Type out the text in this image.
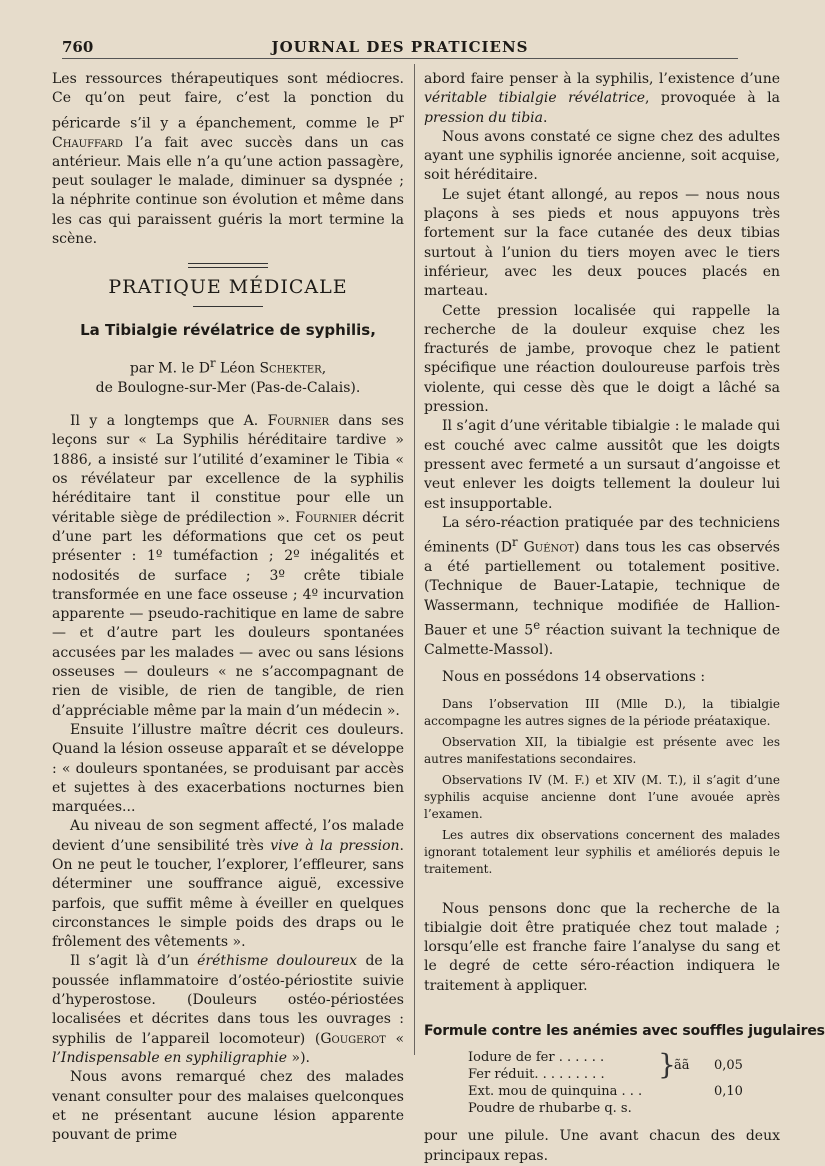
760	JOURNAL DES PRATICIENS

Les ressources thérapeutiques sont médiocres. Ce qu’on peut faire, c’est la ponction du péricarde s’il y a épanchement, comme le $P^r$ Chauffard l’a fait avec succès dans un cas antérieur. Mais elle n’a qu’une action passagère, peut soulager le malade, diminuer sa dyspnée ; la néphrite continue son évolution et même dans les cas qui paraissent guéris la mort termine la scène.

PRATIQUE MÉDICALE
La Tibialgie révélatrice de syphilis,

par M. le $D^r$ Léon Schekter,

de Boulogne-sur-Mer (Pas-de-Calais).

Il y a longtemps que A. Fournier dans ses leçons sur « La Syphilis héréditaire tardive » 1886, a insisté sur l’utilité d’examiner le Tibia « os révélateur par excellence de la syphilis héréditaire tant il constitue pour elle un véritable siège de prédilection ». Fournier décrit d’une part les déformations que cet os peut présenter : 1º tuméfaction ; 2º inégalités et nodosités de surface ; 3º crête tibiale transformée en une face osseuse ; 4º incurvation apparente — pseudo-rachitique en lame de sabre — et d’autre part les douleurs spontanées accusées par les malades — avec ou sans lésions osseuses — douleurs « ne s’accompagnant de rien de visible, de rien de tangible, de rien d’appréciable même par la main d’un médecin ».

Ensuite l’illustre maître décrit ces douleurs. Quand la lésion osseuse apparaît et se développe : « douleurs spontanées, se produisant par accès et sujettes à des exacerbations nocturnes bien marquées...

Au niveau de son segment affecté, l’os malade devient d’une sensibilité très vive à la pression. On ne peut le toucher, l’explorer, l’effleurer, sans déterminer une souffrance aiguë, excessive parfois, que suffit même à éveiller en quelques circonstances le simple poids des draps ou le frôlement des vêtements ».

Il s’agit là d’un éréthisme douloureux de la poussée inflammatoire d’ostéo-périostite suivie d’hyperostose. (Douleurs ostéo-périostées localisées et décrites dans tous les ouvrages : syphilis de l’appareil locomoteur) (Gougerot « l’Indispensable en syphiligraphie »).

Nous avons remarqué chez des malades venant consulter pour des malaises quelconques et ne présentant aucune lésion apparente pouvant de prime

abord faire penser à la syphilis, l’existence d’une véritable tibialgie révélatrice, provoquée à la pression du tibia.

Nous avons constaté ce signe chez des adultes ayant une syphilis ignorée ancienne, soit acquise, soit héréditaire.

Le sujet étant allongé, au repos — nous nous plaçons à ses pieds et nous appuyons très fortement sur la face cutanée des deux tibias surtout à l’union du tiers moyen avec le tiers inférieur, avec les deux pouces placés en marteau.

Cette pression localisée qui rappelle la recherche de la douleur exquise chez les fracturés de jambe, provoque chez le patient spécifique une réaction douloureuse parfois très violente, qui cesse dès que le doigt a lâché sa pression.

Il s’agit d’une véritable tibialgie : le malade qui est couché avec calme aussitôt que les doigts pressent avec fermeté a un sursaut d’angoisse et veut enlever les doigts tellement la douleur lui est insupportable.

La séro-réaction pratiquée par des techniciens éminents ($D^r$ Guénot) dans tous les cas observés a été partiellement ou totalement positive. (Technique de Bauer-Latapie, technique de Wassermann, technique modifiée de Hallion-Bauer et une 5e réaction suivant la technique de Calmette-Massol).

Nous en possédons 14 observations :

Dans l’observation III (Mlle D.), la tibialgie accompagne les autres signes de la période préataxique.

Observation XII, la tibialgie est présente avec les autres manifestations secondaires.

Observations IV (M. F.) et XIV (M. T.), il s’agit d’une syphilis acquise ancienne dont l’une avouée après l’examen.

Les autres dix observations concernent des malades ignorant totalement leur syphilis et améliorés depuis le traitement.

Nous pensons donc que la recherche de la tibialgie doit être pratiquée chez tout malade ; lorsqu’elle est franche faire l’analyse du sang et le degré de cette séro-réaction indiquera le traitement à appliquer.

Formule contre les anémies avec souffles jugulaires
Iodure de fer . . . . . .
Fer réduit. . . . . . . . . }
ãã 0,05
Ext. mou de quinquina . . .	0,10
Poudre de rhubarbe q. s.

pour une pilule. Une avant chacun des deux principaux repas.
